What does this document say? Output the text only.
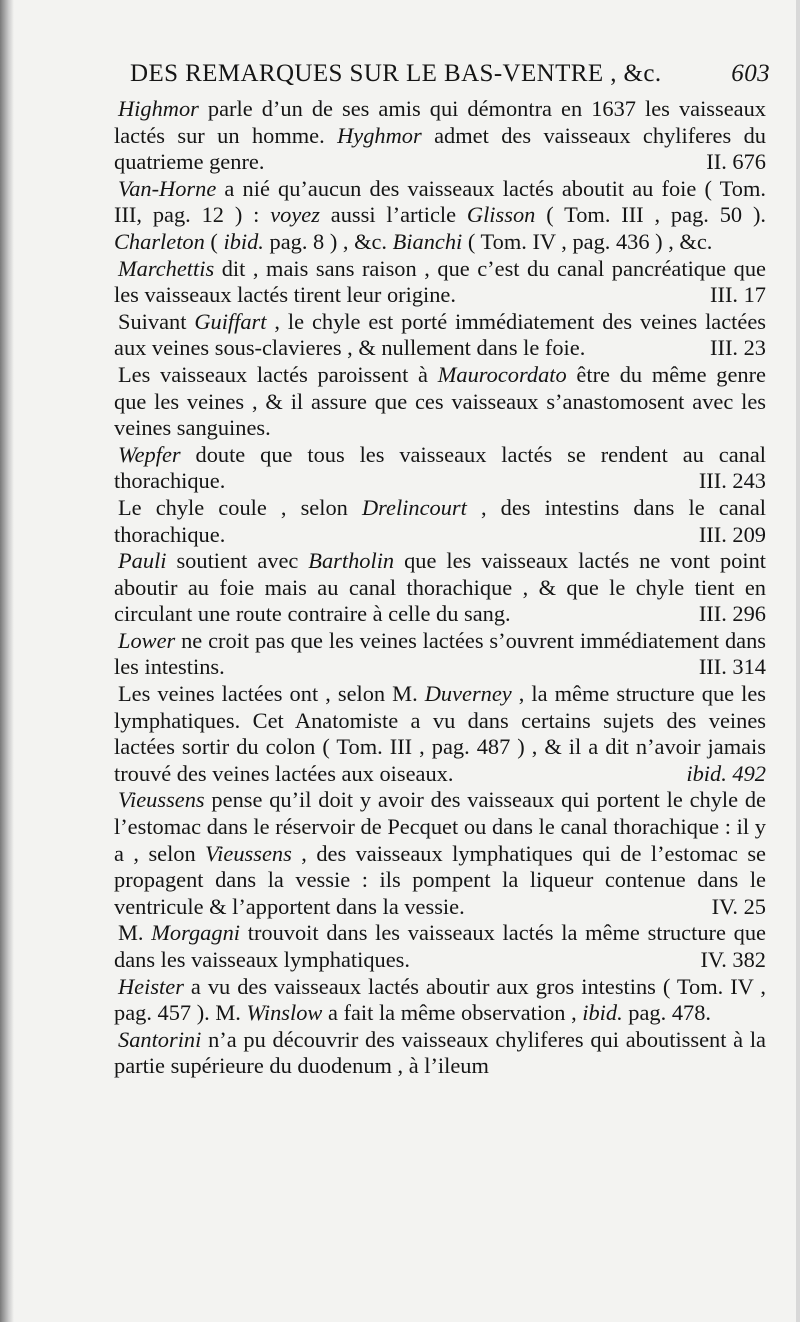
DES REMARQUES SUR LE BAS-VENTRE , &c.	603

Highmor parle d’un de ses amis qui démontra en 1637 les vaisseaux lactés sur un homme. Hyghmor admet des vaisseaux chyliferes du quatrieme genre.	II. 676

Van-Horne a nié qu’aucun des vaisseaux lactés aboutit au foie ( Tom. III, pag. 12 ) : voyez aussi l’article Glisson ( Tom. III , pag. 50 ). Charleton ( ibid. pag. 8 ) , &c. Bianchi ( Tom. IV , pag. 436 ) , &c.

Marchettis dit , mais sans raison , que c’est du canal pancréatique que les vaisseaux lactés tirent leur origine.	III. 17

Suivant Guiffart , le chyle est porté immédiatement des veines lactées aux veines sous-clavieres , & nullement dans le foie.	III. 23

Les vaisseaux lactés paroissent à Maurocordato être du même genre que les veines , & il assure que ces vaisseaux s’anastomosent avec les veines sanguines.

Wepfer doute que tous les vaisseaux lactés se rendent au canal thorachique.	III. 243

Le chyle coule , selon Drelincourt , des intestins dans le canal thorachique.	III. 209

Pauli soutient avec Bartholin que les vaisseaux lactés ne vont point aboutir au foie mais au canal thorachique , & que le chyle tient en circulant une route contraire à celle du sang.	III. 296

Lower ne croit pas que les veines lactées s’ouvrent immédiatement dans les intestins.	III. 314

Les veines lactées ont , selon M. Duverney , la même structure que les lymphatiques. Cet Anatomiste a vu dans certains sujets des veines lactées sortir du colon ( Tom. III , pag. 487 ) , & il a dit n’avoir jamais trouvé des veines lactées aux oiseaux.	ibid. 492

Vieussens pense qu’il doit y avoir des vaisseaux qui portent le chyle de l’estomac dans le réservoir de Pecquet ou dans le canal thorachique : il y a , selon Vieussens , des vaisseaux lymphatiques qui de l’estomac se propagent dans la vessie : ils pompent la liqueur contenue dans le ventricule & l’apportent dans la vessie.	IV. 25

M. Morgagni trouvoit dans les vaisseaux lactés la même structure que dans les vaisseaux lymphatiques.	IV. 382

Heister a vu des vaisseaux lactés aboutir aux gros intestins ( Tom. IV , pag. 457 ). M. Winslow a fait la même observation , ibid. pag. 478.

Santorini n’a pu découvrir des vaisseaux chyliferes qui aboutissent à la partie supérieure du duodenum , à l’ileum
